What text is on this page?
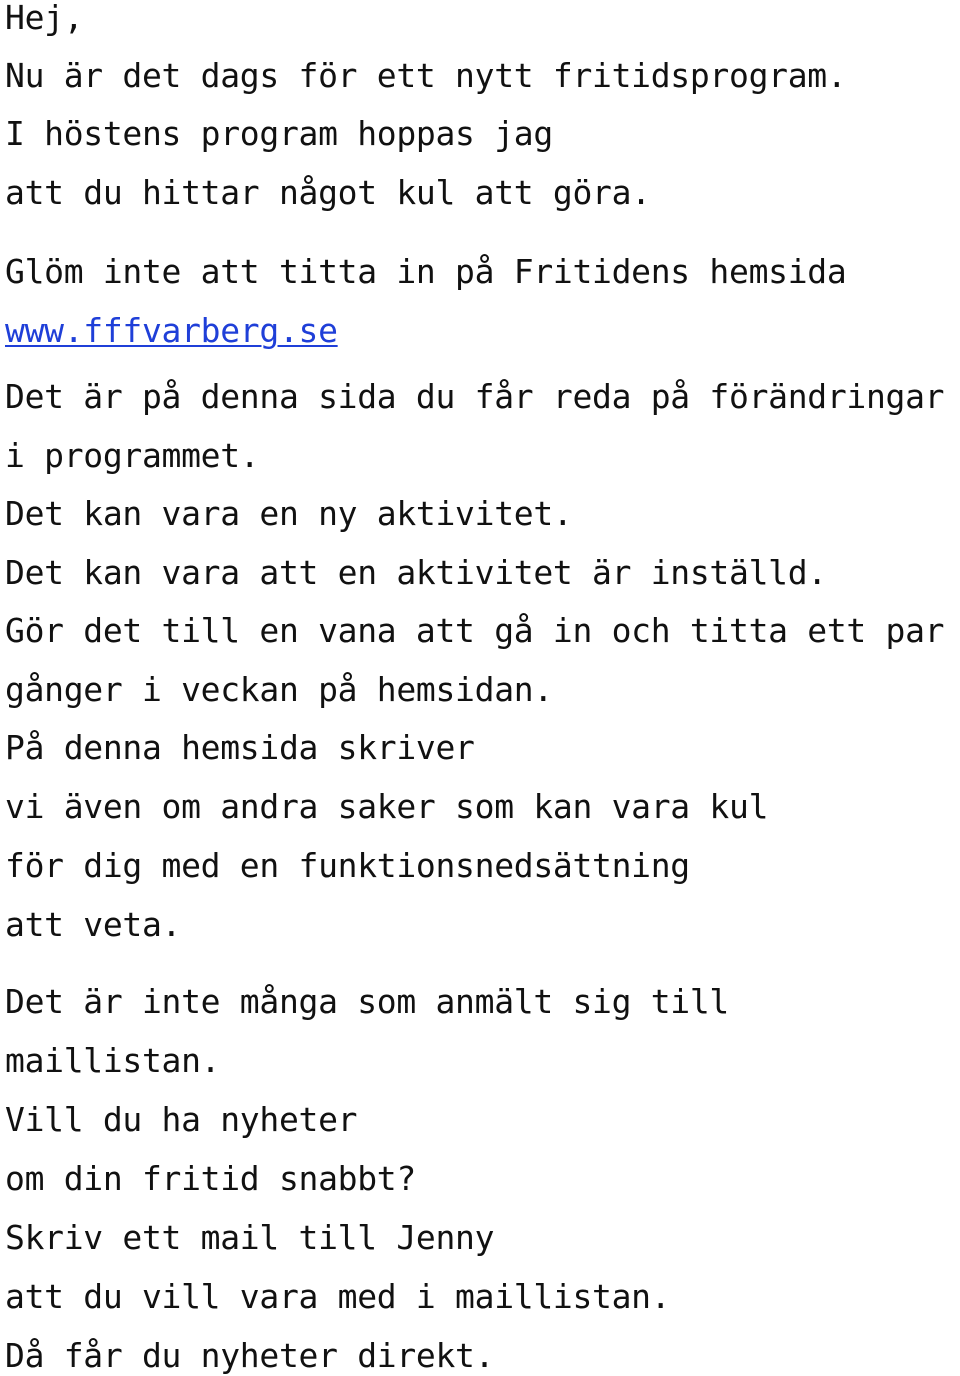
Hej,

Nu är det dags för ett nytt fritidsprogram.

I höstens program hoppas jag

att du hittar något kul att göra.

Glöm inte att titta in på Fritidens hemsida

www.fffvarberg.se

Det är på denna sida du får reda på förändringar

i programmet.

Det kan vara en ny aktivitet.

Det kan vara att en aktivitet är inställd.

Gör det till en vana att gå in och titta ett par

gånger i veckan på hemsidan.

På denna hemsida skriver

vi även om andra saker som kan vara kul

för dig med en funktionsnedsättning

att veta.

Det är inte många som anmält sig till

maillistan.

Vill du ha nyheter

om din fritid snabbt?

Skriv ett mail till Jenny

att du vill vara med i maillistan.

Då får du nyheter direkt.
